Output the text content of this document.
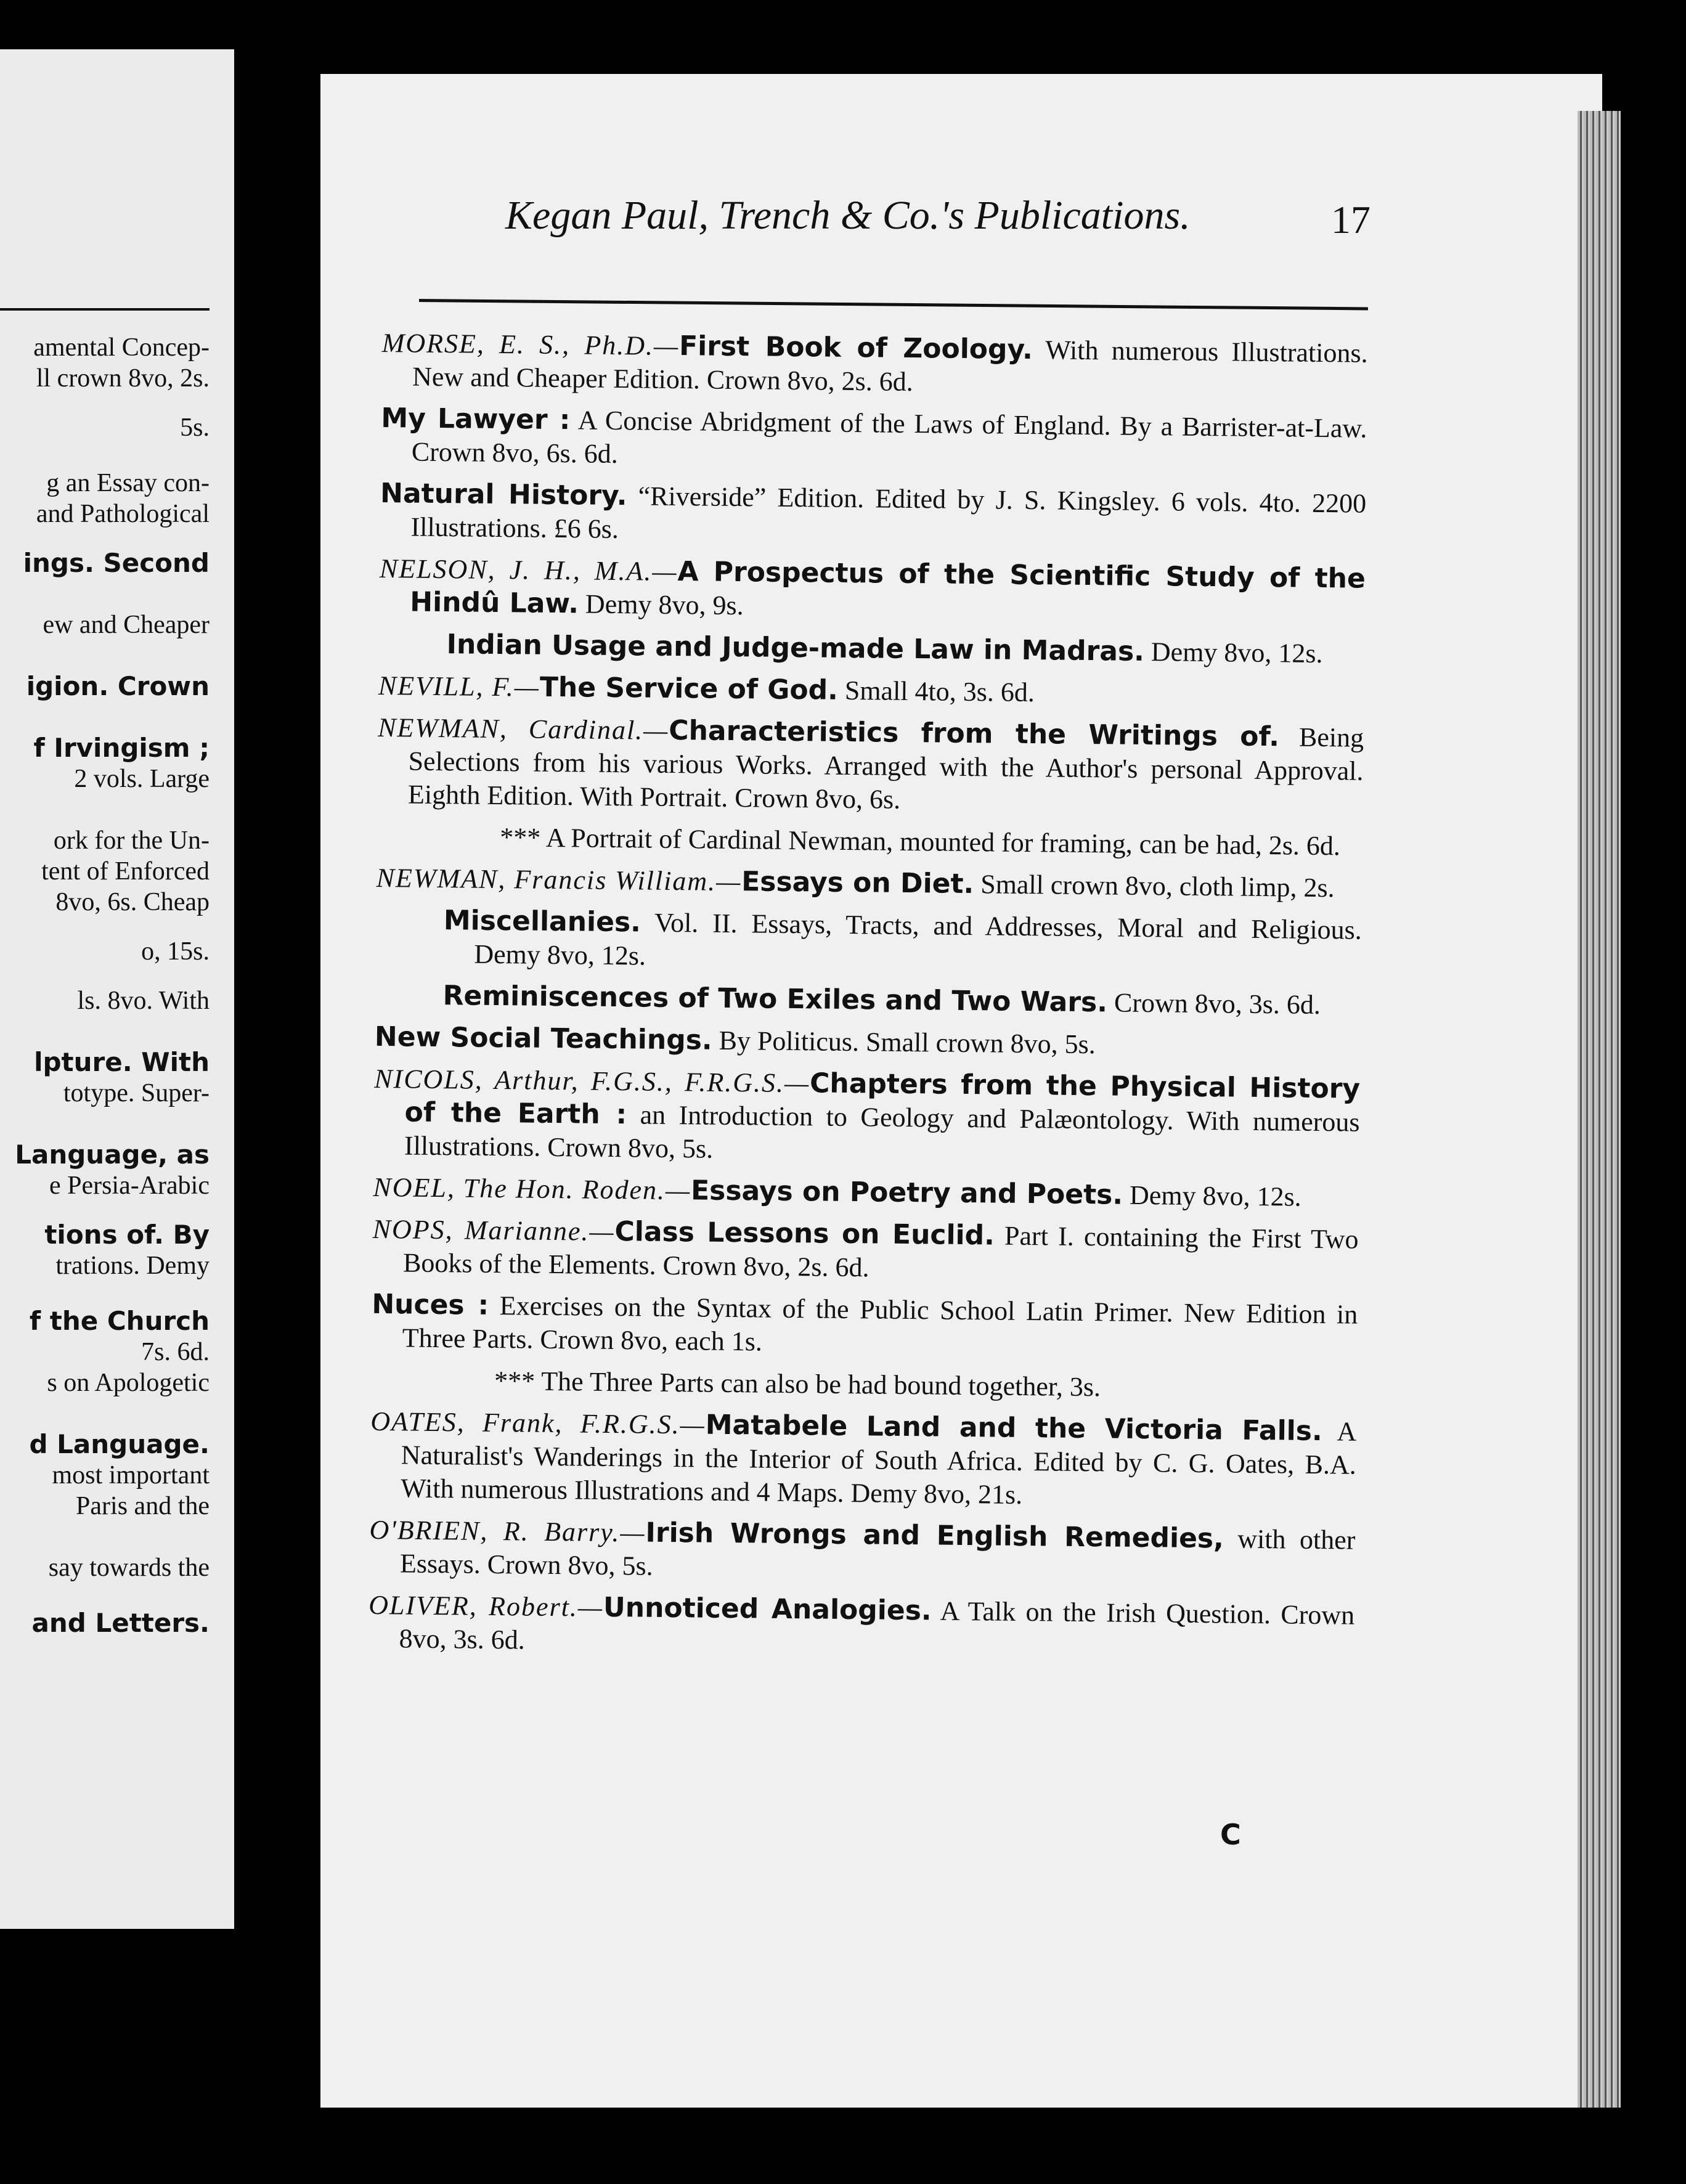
amental Concep-
ll crown 8vo, 2s.
5s.
g an Essay con-
and Pathological
ings. Second
ew and Cheaper
igion. Crown
f Irvingism ;
2 vols. Large
ork for the Un-
tent of Enforced
8vo, 6s. Cheap
o, 15s.
ls. 8vo. With
lpture. With
totype. Super-
Language, as
e Persia-Arabic
tions of. By
trations. Demy
f the Church
7s. 6d.
s on Apologetic
d Language.
most important
Paris and the
say towards the
and Letters.
Kegan Paul, Trench & Co.'s Publications.	17
MORSE, E. S., Ph.D.—First Book of Zoology. With numerous Illustrations. New and Cheaper Edition. Crown 8vo, 2s. 6d.
My Lawyer : A Concise Abridgment of the Laws of England. By a Barrister-at-Law. Crown 8vo, 6s. 6d.
Natural History. “Riverside” Edition. Edited by J. S. Kingsley. 6 vols. 4to. 2200 Illustrations. £6 6s.
NELSON, J. H., M.A.—A Prospectus of the Scientific Study of the Hindû Law. Demy 8vo, 9s.
Indian Usage and Judge-made Law in Madras. Demy 8vo, 12s.
NEVILL, F.—The Service of God. Small 4to, 3s. 6d.
NEWMAN, Cardinal.—Characteristics from the Writings of. Being Selections from his various Works. Arranged with the Author's personal Approval. Eighth Edition. With Portrait. Crown 8vo, 6s.
*** A Portrait of Cardinal Newman, mounted for framing, can be had, 2s. 6d.
NEWMAN, Francis William.—Essays on Diet. Small crown 8vo, cloth limp, 2s.
Miscellanies. Vol. II. Essays, Tracts, and Addresses, Moral and Religious. Demy 8vo, 12s.
Reminiscences of Two Exiles and Two Wars. Crown 8vo, 3s. 6d.
New Social Teachings. By Politicus. Small crown 8vo, 5s.
NICOLS, Arthur, F.G.S., F.R.G.S.—Chapters from the Physical History of the Earth : an Introduction to Geology and Palæontology. With numerous Illustrations. Crown 8vo, 5s.
NOEL, The Hon. Roden.—Essays on Poetry and Poets. Demy 8vo, 12s.
NOPS, Marianne.—Class Lessons on Euclid. Part I. containing the First Two Books of the Elements. Crown 8vo, 2s. 6d.
Nuces : Exercises on the Syntax of the Public School Latin Primer. New Edition in Three Parts. Crown 8vo, each 1s.
*** The Three Parts can also be had bound together, 3s.
OATES, Frank, F.R.G.S.—Matabele Land and the Victoria Falls. A Naturalist's Wanderings in the Interior of South Africa. Edited by C. G. Oates, B.A. With numerous Illustrations and 4 Maps. Demy 8vo, 21s.
O'BRIEN, R. Barry.—Irish Wrongs and English Remedies, with other Essays. Crown 8vo, 5s.
OLIVER, Robert.—Unnoticed Analogies. A Talk on the Irish Question. Crown 8vo, 3s. 6d.
C
